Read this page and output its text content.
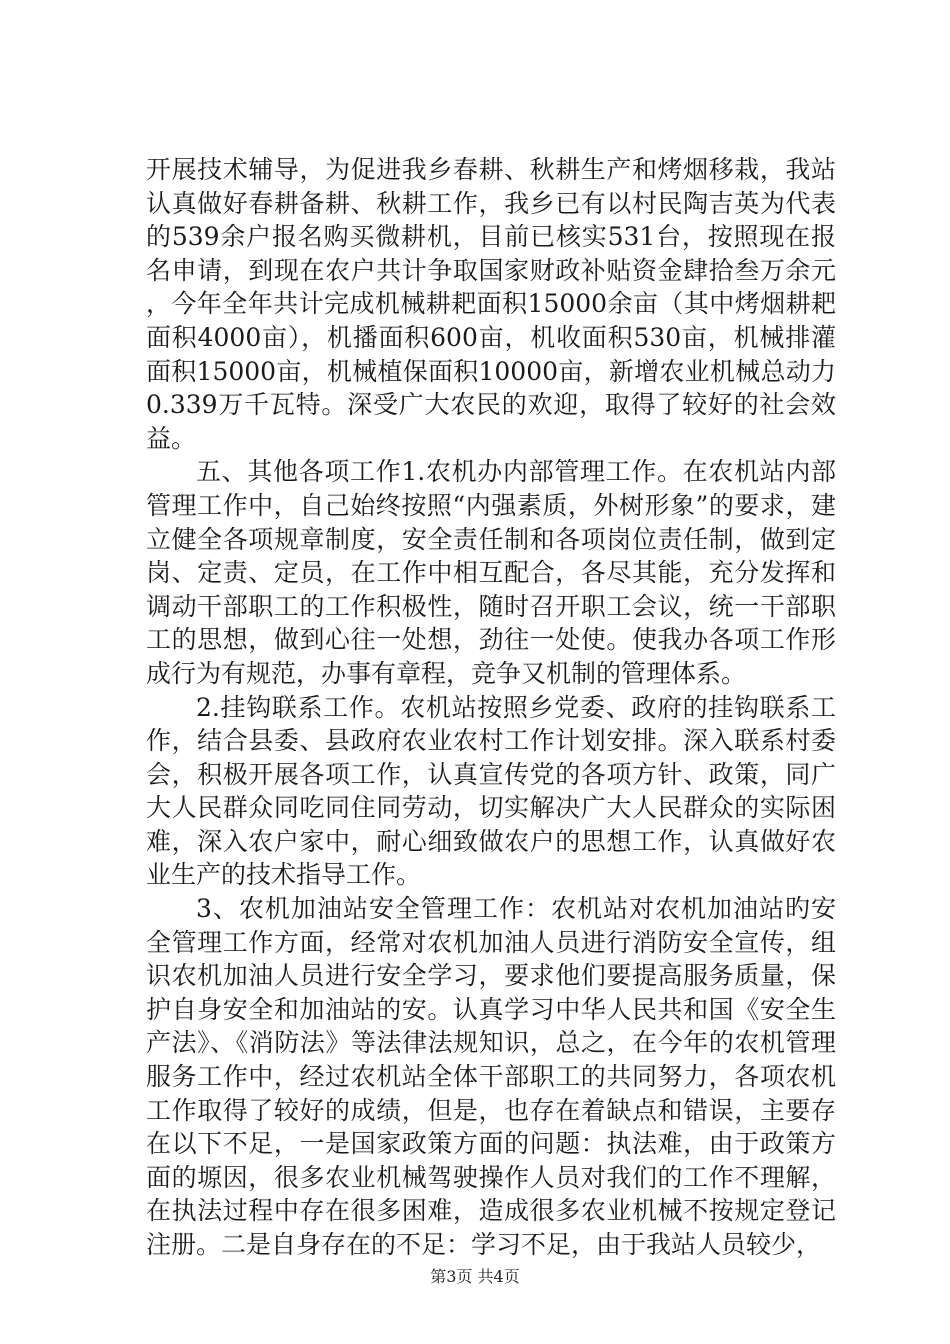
开展技术辅导，为促进我乡春耕、秋耕生产和烤烟移栽，我站认真做好春耕备耕、秋耕工作，我乡已有以村民陶吉英为代表的539余户报名购买微耕机，目前已核实531台，按照现在报名申请，到现在农户共计争取国家财政补贴资金肆拾叁万余元，今年全年共计完成机械耕耙面积15000余亩（其中烤烟耕耙面积4000亩），机播面积600亩，机收面积530亩，机械排灌面积15000亩，机械植保面积10000亩，新增农业机械总动力0.339万千瓦特。深受广大农民的欢迎，取得了较好的社会效益。

五、其他各项工作1.农机办内部管理工作。在农机站内部管理工作中，自己始终按照“内强素质，外树形象”的要求，建立健全各项规章制度，安全责任制和各项岗位责任制，做到定岗、定责、定员，在工作中相互配合，各尽其能，充分发挥和调动干部职工的工作积极性，随时召开职工会议，统一干部职工的思想，做到心往一处想，劲往一处使。使我办各项工作形成行为有规范，办事有章程，竞争又机制的管理体系。

2.挂钩联系工作。农机站按照乡党委、政府的挂钩联系工作，结合县委、县政府农业农村工作计划安排。深入联系村委会，积极开展各项工作，认真宣传党的各项方针、政策，同广大人民群众同吃同住同劳动，切实解决广大人民群众的实际困难，深入农户家中，耐心细致做农户的思想工作，认真做好农业生产的技术指导工作。

3、农机加油站安全管理工作：农机站对农机加油站旳安全管理工作方面，经常对农机加油人员进行消防安全宣传，组识农机加油人员进行安全学习，要求他们要提高服务质量，保护自身安全和加油站的安。认真学习中华人民共和国《安全生产法》、《消防法》等法律法规知识，总之，在今年的农机管理服务工作中，经过农机站全体干部职工的共同努力，各项农机工作取得了较好的成绩，但是，也存在着缺点和错误，主要存在以下不足，一是国家政策方面的问题：执法难，由于政策方面的塬因，很多农业机械驾驶操作人员对我们的工作不理解，在执法过程中存在很多困难，造成很多农业机械不按规定登记注册。二是自身存在的不足：学习不足，由于我站人员较少，

第3页 共4页
